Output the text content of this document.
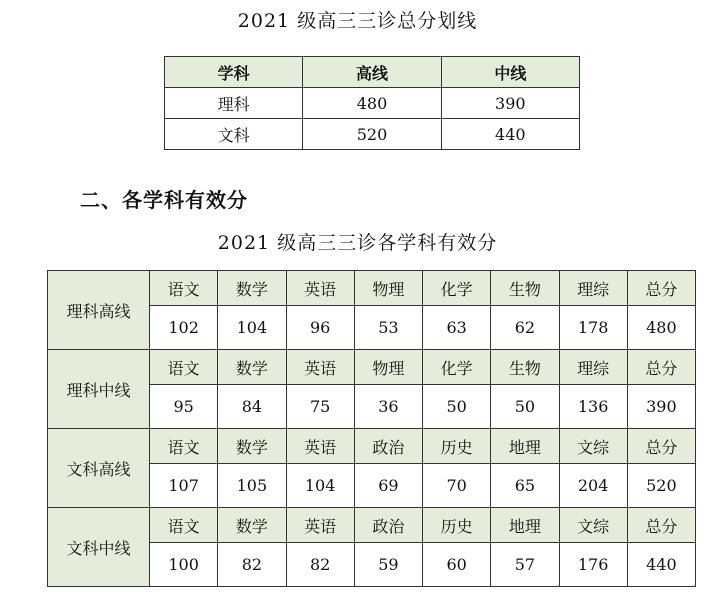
2021 级高三三诊总分划线
学科	高线	中线
理科	480	390
文科	520	440
二、各学科有效分
2021 级高三三诊各学科有效分
理科高线	语文	数学	英语	物理	化学	生物	理综	总分
	102	104	96	53	63	62	178	480
理科中线	语文	数学	英语	物理	化学	生物	理综	总分
	95	84	75	36	50	50	136	390
文科高线	语文	数学	英语	政治	历史	地理	文综	总分
	107	105	104	69	70	65	204	520
文科中线	语文	数学	英语	政治	历史	地理	文综	总分
	100	82	82	59	60	57	176	440
